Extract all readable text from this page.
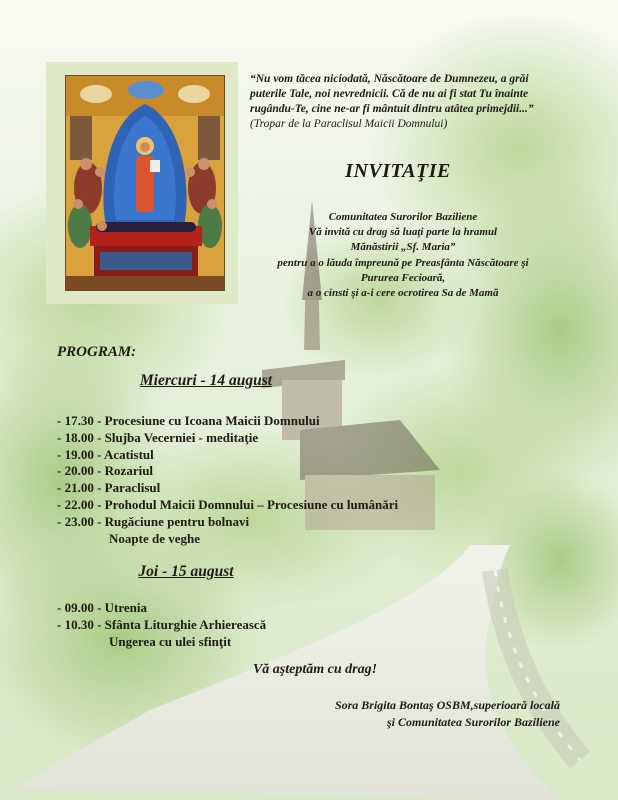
“Nu vom tăcea niciodată, Născătoare de Dumnezeu, a grăi puterile Tale, noi nevrednicii. Că de nu ai fi stat Tu înainte rugându-Te, cine ne-ar fi mântuit dintru atâtea primejdii...” (Tropar de la Paraclisul Maicii Domnului)

INVITAŢIE
Comunitatea Surorilor Baziliene
Vă invită cu drag să luaţi parte la hramul
Mănăstirii „Sf. Maria”
pentru a o lăuda împreună pe Preasfânta Născătoare şi
Pururea Fecioară,
a o cinsti şi a-i cere ocrotirea Sa de Mamă
PROGRAM:
Miercuri - 14 august
- 17.30 - Procesiune cu Icoana Maicii Domnului
- 18.00 - Slujba Vecerniei - meditaţie
- 19.00 - Acatistul
- 20.00 - Rozariul
- 21.00 - Paraclisul
- 22.00 - Prohodul Maicii Domnului – Procesiune cu lumânări
- 23.00 - Rugăciune pentru bolnavi
Noapte de veghe
Joi - 15 august
- 09.00 - Utrenia
- 10.30 - Sfânta Liturghie Arhierească
Ungerea cu ulei sfinţit
Vă aşteptăm cu drag!
Sora Brigita Bontaş OSBM,superioară locală
şi Comunitatea Surorilor Baziliene
